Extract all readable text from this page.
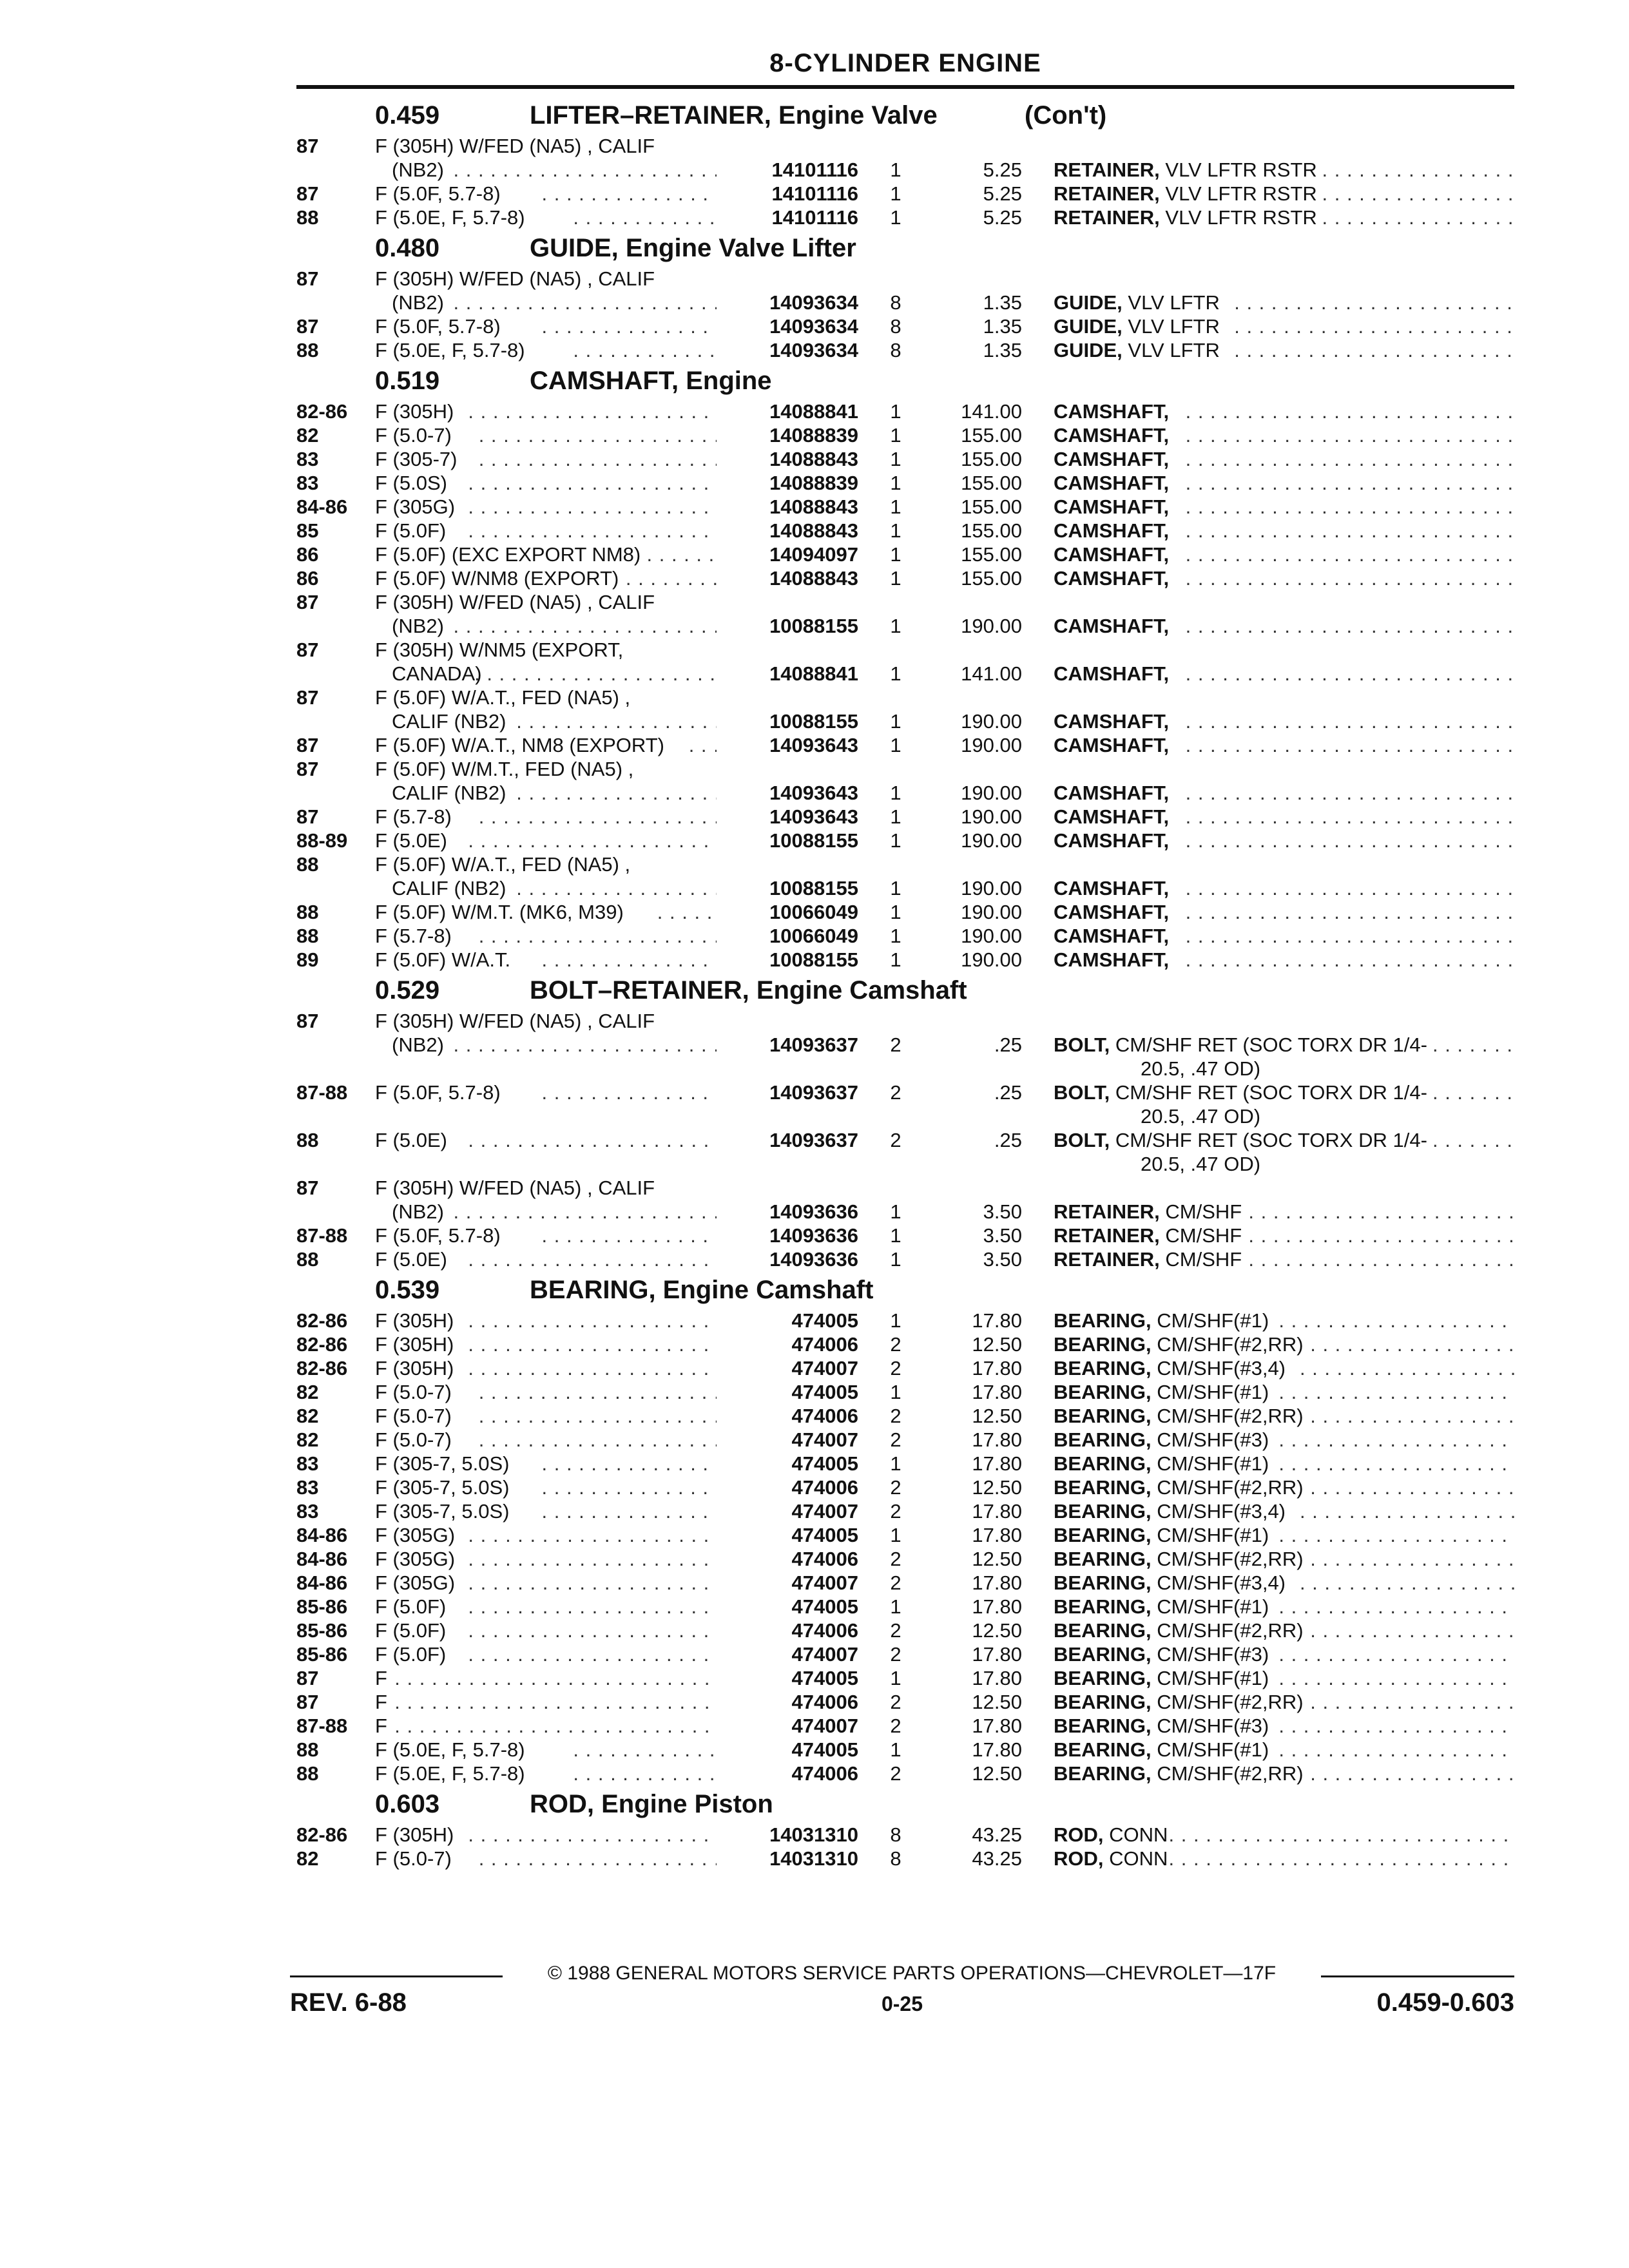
8-CYLINDER ENGINE
0.459	LIFTER–RETAINER, Engine Valve	(Con't)
87	F (305H) W/FED (NA5) , CALIF
(NB2) . . .	14101116	1	5.25 RETAINER, VLV LFTR RSTR
. . .
87	F (5.0F, 5.7-8) . . .	14101116	1	5.25 RETAINER, VLV LFTR RSTR
. . .
88	F (5.0E, F, 5.7-8) . . .	14101116	1	5.25 RETAINER, VLV LFTR RSTR
. . .
0.480	GUIDE, Engine Valve Lifter
87	F (305H) W/FED (NA5) , CALIF
(NB2) . . .	14093634	8	1.35 GUIDE, VLV LFTR
. . .
87	F (5.0F, 5.7-8) . . .	14093634	8	1.35 GUIDE, VLV LFTR
. . .
88	F (5.0E, F, 5.7-8) . . .	14093634	8	1.35 GUIDE, VLV LFTR
. . .
0.519	CAMSHAFT, Engine
82-86	F (305H) . . .	14088841	1	141.00 CAMSHAFT,
. . .
82	F (5.0-7) . . .	14088839	1	155.00 CAMSHAFT,
. . .
83	F (305-7) . . .	14088843	1	155.00 CAMSHAFT,
. . .
83	F (5.0S) . . .	14088839	1	155.00 CAMSHAFT,
. . .
84-86	F (305G) . . .	14088843	1	155.00 CAMSHAFT,
. . .
85	F (5.0F) . . .	14088843	1	155.00 CAMSHAFT,
. . .
86	F (5.0F) (EXC EXPORT NM8) . . .	14094097	1	155.00 CAMSHAFT,
. . .
86	F (5.0F) W/NM8 (EXPORT) . . .	14088843	1	155.00 CAMSHAFT,
. . .
87	F (305H) W/FED (NA5) , CALIF
(NB2) . . .	10088155	1	190.00 CAMSHAFT,
. . .
87	F (305H) W/NM5 (EXPORT,
CANADA) . . .	14088841	1	141.00 CAMSHAFT,
. . .
87	F (5.0F) W/A.T., FED (NA5) ,
CALIF (NB2) . . .	10088155	1	190.00 CAMSHAFT,
. . .
87	F (5.0F) W/A.T., NM8 (EXPORT) . . .	14093643	1	190.00 CAMSHAFT,
. . .
87	F (5.0F) W/M.T., FED (NA5) ,
CALIF (NB2) . . .	14093643	1	190.00 CAMSHAFT,
. . .
87	F (5.7-8) . . .	14093643	1	190.00 CAMSHAFT,
. . .
88-89	F (5.0E) . . .	10088155	1	190.00 CAMSHAFT,
. . .
88	F (5.0F) W/A.T., FED (NA5) ,
CALIF (NB2) . . .	10088155	1	190.00 CAMSHAFT,
. . .
88	F (5.0F) W/M.T. (MK6, M39) . . .	10066049	1	190.00 CAMSHAFT,
. . .
88	F (5.7-8) . . .	10066049	1	190.00 CAMSHAFT,
. . .
89	F (5.0F) W/A.T. . . .	10088155	1	190.00 CAMSHAFT,
. . .
0.529	BOLT–RETAINER, Engine Camshaft
87	F (305H) W/FED (NA5) , CALIF
(NB2) . . .	14093637	2	.25 BOLT, CM/SHF RET (SOC TORX DR 1/4-
. . .
20.5, .47 OD)
87-88	F (5.0F, 5.7-8) . . .	14093637	2	.25 BOLT, CM/SHF RET (SOC TORX DR 1/4-
. . .
20.5, .47 OD)
88	F (5.0E) . . .	14093637	2	.25 BOLT, CM/SHF RET (SOC TORX DR 1/4-
. . .
20.5, .47 OD)
87	F (305H) W/FED (NA5) , CALIF
(NB2) . . .	14093636	1	3.50 RETAINER, CM/SHF
. . .
87-88	F (5.0F, 5.7-8) . . .	14093636	1	3.50 RETAINER, CM/SHF
. . .
88	F (5.0E) . . .	14093636	1	3.50 RETAINER, CM/SHF
. . .
0.539	BEARING, Engine Camshaft
82-86	F (305H) . . .	474005	1	17.80 BEARING, CM/SHF(#1)
. . .
82-86	F (305H) . . .	474006	2	12.50 BEARING, CM/SHF(#2,RR)
. . .
82-86	F (305H) . . .	474007	2	17.80 BEARING, CM/SHF(#3,4)
. . .
82	F (5.0-7) . . .	474005	1	17.80 BEARING, CM/SHF(#1)
. . .
82	F (5.0-7) . . .	474006	2	12.50 BEARING, CM/SHF(#2,RR)
. . .
82	F (5.0-7) . . .	474007	2	17.80 BEARING, CM/SHF(#3)
. . .
83	F (305-7, 5.0S) . . .	474005	1	17.80 BEARING, CM/SHF(#1)
. . .
83	F (305-7, 5.0S) . . .	474006	2	12.50 BEARING, CM/SHF(#2,RR)
. . .
83	F (305-7, 5.0S) . . .	474007	2	17.80 BEARING, CM/SHF(#3,4)
. . .
84-86	F (305G) . . .	474005	1	17.80 BEARING, CM/SHF(#1)
. . .
84-86	F (305G) . . .	474006	2	12.50 BEARING, CM/SHF(#2,RR)
. . .
84-86	F (305G) . . .	474007	2	17.80 BEARING, CM/SHF(#3,4)
. . .
85-86	F (5.0F) . . .	474005	1	17.80 BEARING, CM/SHF(#1)
. . .
85-86	F (5.0F) . . .	474006	2	12.50 BEARING, CM/SHF(#2,RR)
. . .
85-86	F (5.0F) . . .	474007	2	17.80 BEARING, CM/SHF(#3)
. . .
87	F . . .	474005	1	17.80 BEARING, CM/SHF(#1)
. . .
87	F . . .	474006	2	12.50 BEARING, CM/SHF(#2,RR)
. . .
87-88	F . . .	474007	2	17.80 BEARING, CM/SHF(#3)
. . .
88	F (5.0E, F, 5.7-8) . . .	474005	1	17.80 BEARING, CM/SHF(#1)
. . .
88	F (5.0E, F, 5.7-8) . . .	474006	2	12.50 BEARING, CM/SHF(#2,RR)
. . .
0.603	ROD, Engine Piston
82-86	F (305H) . . .	14031310	8	43.25 ROD, CONN
. . .
82	F (5.0-7) . . .	14031310	8	43.25 ROD, CONN
. . .
© 1988 GENERAL MOTORS SERVICE PARTS OPERATIONS—CHEVROLET—17F
REV. 6-88	0-25	0.459-0.603
